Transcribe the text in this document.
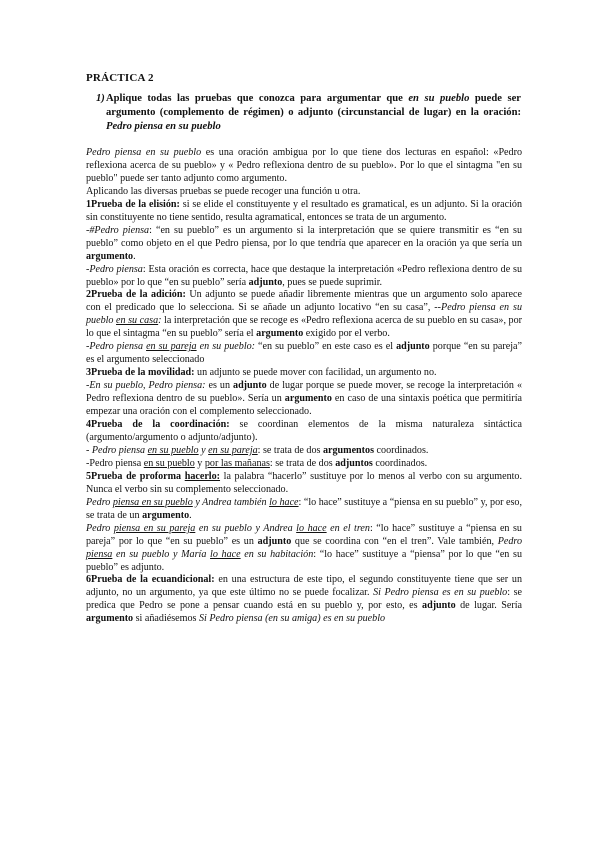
PRÁCTICA 2
1) Aplique todas las pruebas que conozca para argumentar que en su pueblo puede ser argumento (complemento de régimen) o adjunto (circunstancial de lugar) en la oración: Pedro piensa en su pueblo

Pedro piensa en su pueblo es una oración ambigua por lo que tiene dos lecturas en español: «Pedro reflexiona acerca de su pueblo» y « Pedro reflexiona dentro de su pueblo». Por lo que el sintagma "en su pueblo" puede ser tanto adjunto como argumento.

Aplicando las diversas pruebas se puede recoger una función u otra.

1Prueba de la elisión: si se elide el constituyente y el resultado es gramatical, es un adjunto. Si la oración sin constituyente no tiene sentido, resulta agramatical, entonces se trata de un argumento.

-#Pedro piensa: “en su pueblo” es un argumento si la interpretación que se quiere transmitir es “en su pueblo” como objeto en el que Pedro piensa, por lo que tendría que aparecer en la oración ya que sería un argumento.

-Pedro piensa: Esta oración es correcta, hace que destaque la interpretación «Pedro reflexiona dentro de su pueblo» por lo que “en su pueblo” sería adjunto, pues se puede suprimir.

2Prueba de la adición: Un adjunto se puede añadir libremente mientras que un argumento solo aparece con el predicado que lo selecciona. Si se añade un adjunto locativo “en su casa”, --Pedro piensa en su pueblo en su casa: la interpretación que se recoge es «Pedro reflexiona acerca de su pueblo en su casa», por lo que el sintagma “en su pueblo” sería el argumento exigido por el verbo.

-Pedro piensa en su pareja en su pueblo: “en su pueblo” en este caso es el adjunto porque “en su pareja” es el argumento seleccionado

3Prueba de la movilidad: un adjunto se puede mover con facilidad, un argumento no.

-En su pueblo, Pedro piensa: es un adjunto de lugar porque se puede mover, se recoge la interpretación « Pedro reflexiona dentro de su pueblo». Sería un argumento en caso de una sintaxis poética que permitiría empezar una oración con el complemento seleccionado.

4Prueba de la coordinación: se coordinan elementos de la misma naturaleza sintáctica (argumento/argumento o adjunto/adjunto).

- Pedro piensa en su pueblo y en su pareja: se trata de dos argumentos coordinados.

-Pedro piensa en su pueblo y por las mañanas: se trata de dos adjuntos coordinados.

5Prueba de proforma hacerlo: la palabra “hacerlo” sustituye por lo menos al verbo con su argumento. Nunca el verbo sin su complemento seleccionado.

Pedro piensa en su pueblo y Andrea también lo hace: “lo hace” sustituye a “piensa en su pueblo” y, por eso, se trata de un argumento.

Pedro piensa en su pareja en su pueblo y Andrea lo hace en el tren: “lo hace” sustituye a “piensa en su pareja” por lo que “en su pueblo” es un adjunto que se coordina con “en el tren”. Vale también, Pedro piensa en su pueblo y María lo hace en su habitación: “lo hace” sustituye a “piensa” por lo que “en su pueblo” es adjunto.

6Prueba de la ecuandicional: en una estructura de este tipo, el segundo constituyente tiene que ser un adjunto, no un argumento, ya que este último no se puede focalizar. Si Pedro piensa es en su pueblo: se predica que Pedro se pone a pensar cuando está en su pueblo y, por esto, es adjunto de lugar. Sería argumento si añadiésemos Si Pedro piensa (en su amiga) es en su pueblo
